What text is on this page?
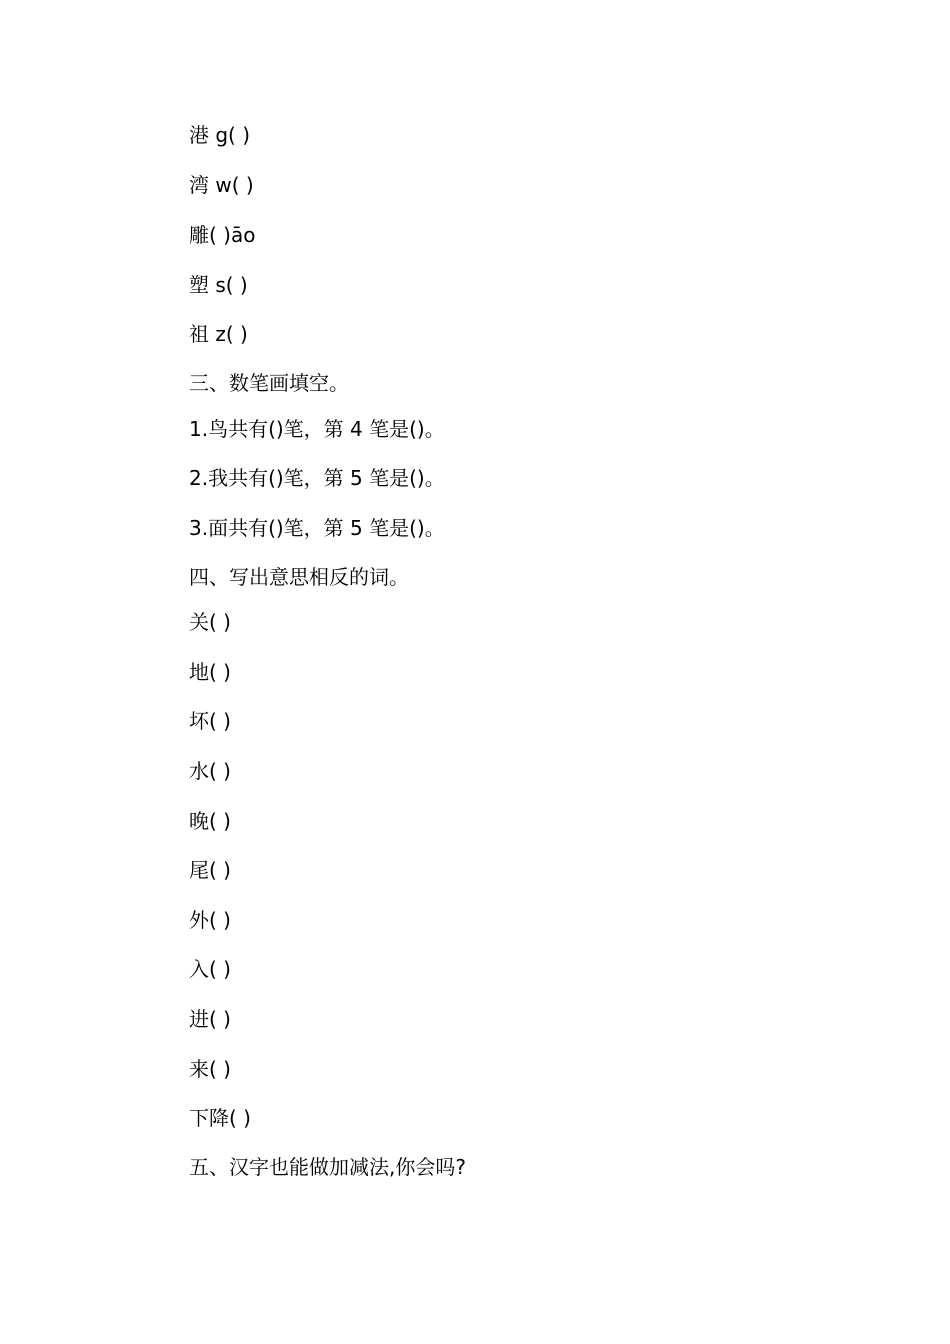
港 g( )
湾 w( )
雕( )āo
塑 s( )
祖 z( )
三、数笔画填空。
1.鸟共有()笔，第 4 笔是()。
2.我共有()笔，第 5 笔是()。
3.面共有()笔，第 5 笔是()。
四、写出意思相反的词。
关( )
地( )
坏( )
水( )
晚( )
尾( )
外( )
入( )
进( )
来( )
下降( )
五、汉字也能做加减法,你会吗?
